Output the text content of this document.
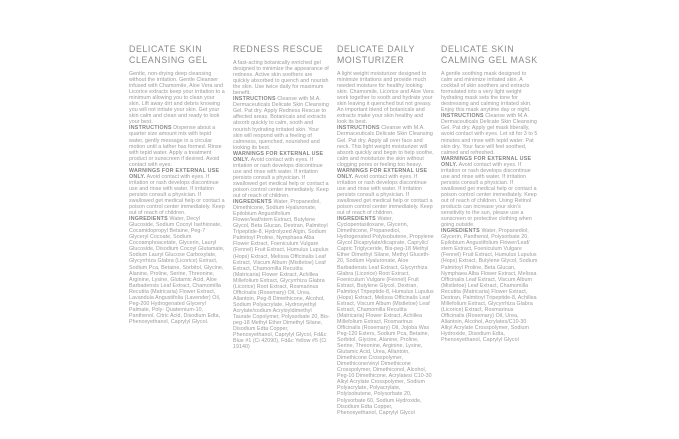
DELICATE SKIN CLEANSING GEL

Gentle, non-drying deep cleansing without the irritation. Gentle Cleanser infused with Chamomile, Aloe Vera and Licorice extracts keep your irritation to a minimum allowing you to clean your skin. Lift away dirt and debris knowing you will not irritate your skin. Get your skin calm and clean and ready to look your best.

INSTRUCTIONS Dispense about a quarter size amount mix with tepid water, gently message in a circular motion until a lather has formed. Rinse with tepid water. Apply a treatment product or sunscreen if desired. Avoid contact with eyes.

WARNINGS FOR EXTERNAL USE ONLY. Avoid contact with eyes. If irritation or rash develops discontinue use and rinse with water. If irritation persists consult a physician. If swallowed get medical help or contact a poison control center immediately. Keep out of reach of children.

INGREDIENTS Water, Decyl Glucoside, Sodium Cocoyl Isethionate, Cocamidopropyl Betaine, Peg-7 Glyceryl Cocoate, Sodium Cocoamphoacetate, Glycerin, Lauryl Glucoside, Disodium Cocoyl Glutamate, Sodium Lauryl Glucose Carboxylate, Glycyrrhiza Glabra (Licorice) Extract, Sodium Pca, Betaine, Sorbitol, Glycine, Alanine, Proline, Serine, Threonine, Arginine, Lysine, Glutamic Acid, Aloe Barbadensis Leaf Extract, Chamomilla Recutita (Matricaria) Flower Extract, Lavandula Angustifolia (Lavender) Oil, Peg-200 Hydrogenated Glyceryl Palmate, Poly- Quaternium-10, Panthenol, Citric Acid, Disodium Edta, Phenoxyethanol, Caprylyl Glycol.

REDNESS RESCUE

A fast-acting botanically enriched gel designed to minimize the appearance of redness. Active skin soothers are quickly absorbed to quench and nourish the skin. Use twice daily for maximum benefit.

INSTRUCTIONS Cleanse with M.A. Dermaceuticals Delicate Skin Cleansing Gel. Pat dry. Apply Redness Rescue to affected areas. Botanicals and extracts absorb quickly to calm, sooth and nourish hydrating irritated skin. Your skin will respond with a feeling of calmness, quenched, nourished and looking its best.

WARNINGS FOR EXTERNAL USE ONLY. Avoid contact with eyes. If irritation or rash develops discontinue use and rinse with water. If irritation persists consult a physician. If swallowed get medical help or contact a poison control center immediately. Keep out of reach of children.

INGREDIENTS Water, Propanediol, Dimethicone, Sodium Hyaluronate, Epilobium Angustifolium Flower/leaf/stem Extract, Butylene Glycol, Beta Glucan, Dextran, Palmitoyl Tripeptide-8, Hydrolyzed Algin, Sodium Palmitoyl Proline, Nymphaea Alba Flower Extract, Foeniculum Vulgare (Fennel) Fruit Extract, Humulus Lupulus (Hops) Extract, Melissa Officinalis Leaf Extract, Viscum Album (Mistletoe) Leaf Extract, Chamomilla Recutita (Matricaria) Flower Extract, Achillea Millefolium Extract, Glycyrrhiza Glabra (Licorice) Root Extract, Rosmarinus Officinalis (Rosemary) Oil, Urea, Allantoin, Peg-8 Dimethicone, Alcohol, Sodium Polyacrylate, Hydroxyethyl Acrylate/sodium Acryloyldimethyl Taurate Copolymer, Polysorbate 20, Bis-peg-18 Methyl Ether Dimethyl Silane, Disodium Edta Copper, Phenoxyethanol, Caprylyl Glycol, Fd&c Blue #1 (Ci 42090), Fd&c Yellow #5 (Ci 19140)

DELICATE DAILY MOISTURIZER

A light weight moisturizer designed to minimize irritations and provide much needed moisture for healthy looking skin. Chamomile, Licorice and Aloe Vera work together to sooth and hydrate your skin leaving it quenched but not greasy. An important blend of botanicals and extracts make your skin healthy and look its best.

INSTRUCTIONS Cleanse with M.A. Dermaceuticals Delicate Skin Cleansing Gel. Pat dry. Apply all over face and neck. This light weight moisturizer will absorb quickly and begin to help soothe, calm and moisturize the skin without clogging pores or feeling too heavy.

WARNINGS FOR EXTERNAL USE ONLY. Avoid contact with eyes. If irritation or rash develops discontinue use and rinse with water. If irritation persists consult a physician. If swallowed get medical help or contact a poison control center immediately. Keep out of reach of children.

INGREDIENTS Water, Cyclopentasiloxane, Glycerin, Dimethicone, Propanediol, Hydrogenated Polyisobutene, Propylene Glycol Dicaprylate/dicaprate, Caprylic/ Capric Triglyceride, Bis-peg-18 Methyl Ether Dimethyl Silane, Methyl Gluceth-20, Sodium Hyaluronate, Aloe Barbadensis Leaf Extract, Glycyrrhiza Glabra (Licorice) Root Extract, Foeniculum Vulgare (Fennel) Fruit Extract, Butylene Glycol, Dextran, Palmitoyl Tripeptide-8, Humulus Lupulus (Hops) Extract, Melissa Officinalis Leaf Extract, Viscum Album (Mistletoe) Leaf Extract, Chamomilla Recutita (Matricaria) Flower Extract, Achillea Millefolium Extract, Rosmarinus Officinalis (Rosemary) Oil, Jojoba Wax Peg-120 Esters, Sodium Pca, Betaine, Sorbitol, Glycine, Alanine, Proline, Serine, Threonine, Arginine, Lysine, Glutamic Acid, Urea, Allantoin, Dimethicone Crosspolymer, Dimethicone/vinyl Dimethicone Crosspolymer, Dimethiconol, Alcohol, Peg-10 Dimethicone, Acrylates/ C10-30 Alkyl Acrylate Crosspolymer, Sodium Polyacrylate, Polyacrylate, Polyisobutene, Polysorbate 20, Polysorbate 60, Sodium Hydroxide, Disodium Edta Copper, Phenoxyethanol, Caprylyl Glycol

DELICATE SKIN CALMING GEL MASK

A gentle soothing mask designed to calm and minimize irritated skin. A cocktail of skin soothers and extracts formulated into a very light weight hydrating mask sets the tone for destressing and calming irritated skin. Enjoy this mask anytime day or night.

INSTRUCTIONS Cleanse with M.A. Dermaceuticals Delicate Skin Cleansing Gel. Pat dry. Apply gel mask liberally, avoid contact with eyes. Let sit for 3 to 5 minutes and rinse with tepid water. Pat skin dry. Your face will feel soothed, calmed and refreshed.

WARNINGS FOR EXTERNAL USE ONLY. Avoid contact with eyes. If irritation or rash develops discontinue use and rinse with water. If irritation persists consult a physician. If swallowed get medical help or contact a poison control center immediately. Keep out of reach of children. Using Retinol products can increase your skin's sensitivity to the sun, please use a sunscreen or protective clothing when going outside.

INGREDIENTS Water, Propanediol, Glycerin, Panthenol, Polysorbate 20, Epilobium Angustifolium Flower/Leaf/ stem Extract, Foeniculum Vulgare (Fennel) Fruit Extract, Humulus Lupulus (Hops) Extract, Butylene Glycol, Sodium Palmitoyl Proline, Beta Glucan, Nymphaea Alba Flower Extract, Melissa Officinalis Leaf Extract, Viscum Album (Mistletoe) Leaf Extract, Chamomilla Recutita (Matricaria) Flower Extract, Dextran, Palmitoyl Tripeptide-8, Achillea Millefolium Extract, Glycyrrhiza Glabra (Licorice) Extract, Rosmarinus Officinalis (Rosemary) Oil, Urea, Allantoin, Alcohol, Acrylates/C10-30 Alkyl Acrylate Crosspolymer, Sodium Hydroxide, Disodium Edta, Phenoxyethanol, Caprylyl Glycol
